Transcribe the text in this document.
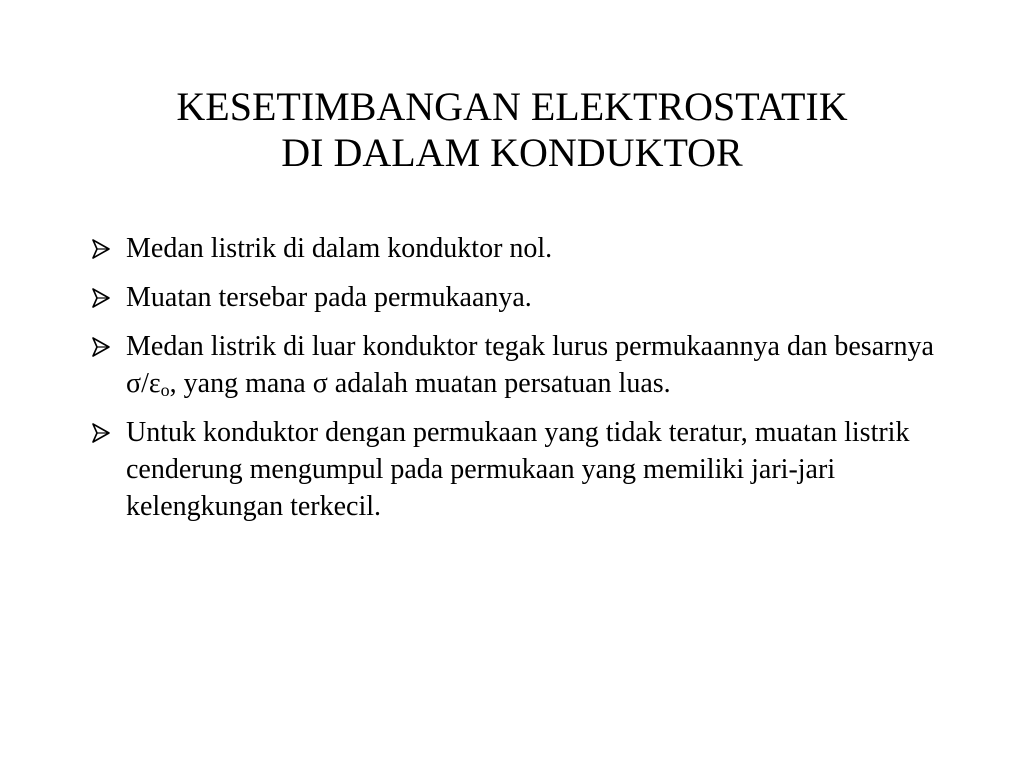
KESETIMBANGAN ELEKTROSTATIK
DI DALAM KONDUKTOR
Medan listrik di dalam konduktor nol.
Muatan tersebar pada permukaanya.
Medan listrik di luar konduktor tegak lurus permukaannya dan besarnya $\sigma/\varepsilon_o$, yang mana σ adalah muatan persatuan luas.
Untuk konduktor dengan permukaan yang tidak teratur, muatan listrik cenderung mengumpul pada permukaan yang memiliki jari-jari kelengkungan terkecil.
